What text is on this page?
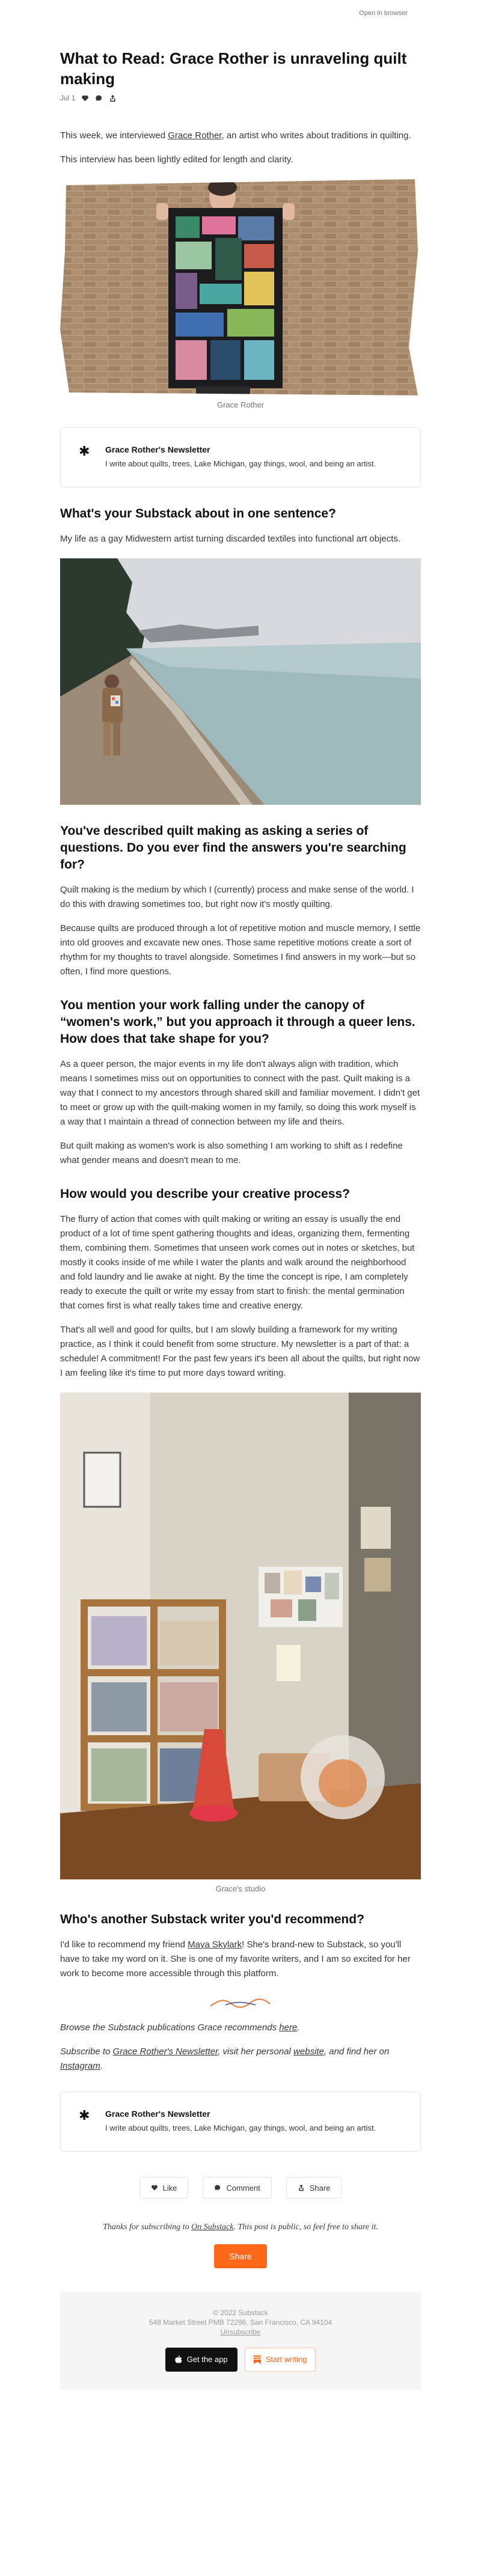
Open in browser
What to Read: Grace Rother is unraveling quilt making
Jul 1

This week, we interviewed Grace Rother, an artist who writes about traditions in quilting.

This interview has been lightly edited for length and clarity.

Grace Rother
✱ Grace Rother's Newsletter

I write about quilts, trees, Lake Michigan, gay things, wool, and being an artist.

What's your Substack about in one sentence?

My life as a gay Midwestern artist turning discarded textiles into functional art objects.

You've described quilt making as asking a series of questions. Do you ever find the answers you're searching for?

Quilt making is the medium by which I (currently) process and make sense of the world. I do this with drawing sometimes too, but right now it's mostly quilting.

Because quilts are produced through a lot of repetitive motion and muscle memory, I settle into old grooves and excavate new ones. Those same repetitive motions create a sort of rhythm for my thoughts to travel alongside. Sometimes I find answers in my work—but so often, I find more questions.

You mention your work falling under the canopy of “women's work,” but you approach it through a queer lens. How does that take shape for you?

As a queer person, the major events in my life don't always align with tradition, which means I sometimes miss out on opportunities to connect with the past. Quilt making is a way that I connect to my ancestors through shared skill and familiar movement. I didn't get to meet or grow up with the quilt-making women in my family, so doing this work myself is a way that I maintain a thread of connection between my life and theirs.

But quilt making as women's work is also something I am working to shift as I redefine what gender means and doesn't mean to me.

How would you describe your creative process?

The flurry of action that comes with quilt making or writing an essay is usually the end product of a lot of time spent gathering thoughts and ideas, organizing them, fermenting them, combining them. Sometimes that unseen work comes out in notes or sketches, but mostly it cooks inside of me while I water the plants and walk around the neighborhood and fold laundry and lie awake at night. By the time the concept is ripe, I am completely ready to execute the quilt or write my essay from start to finish: the mental germination that comes first is what really takes time and creative energy.

That's all well and good for quilts, but I am slowly building a framework for my writing practice, as I think it could benefit from some structure. My newsletter is a part of that: a schedule! A commitment! For the past few years it's been all about the quilts, but right now I am feeling like it's time to put more days toward writing.

Grace's studio
Who's another Substack writer you'd recommend?

I'd like to recommend my friend Maya Skylark! She's brand-new to Substack, so you'll have to take my word on it. She is one of my favorite writers, and I am so excited for her work to become more accessible through this platform.

Browse the Substack publications Grace recommends here.

Subscribe to Grace Rother's Newsletter, visit her personal website, and find her on Instagram.

✱ Grace Rother's Newsletter

I write about quilts, trees, Lake Michigan, gay things, wool, and being an artist.

Like	Comment	Share

Thanks for subscribing to On Substack. This post is public, so feel free to share it.

Share
© 2022 Substack
548 Market Street PMB 72296, San Francisco, CA 94104
Unsubscribe
Get the app	Start writing
